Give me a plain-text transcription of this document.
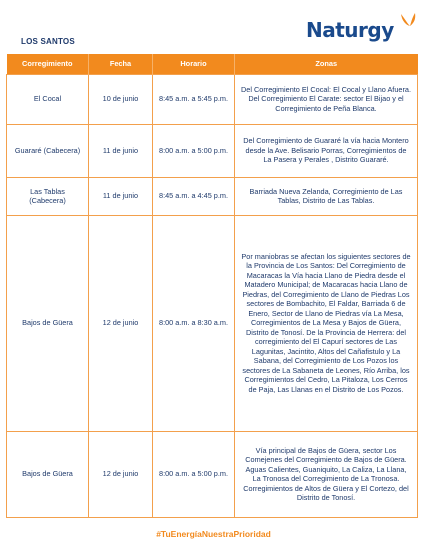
LOS SANTOS	Naturgy
Corregimiento	Fecha	Horario	Zonas
El Cocal	10 de junio	8:45 a.m. a 5:45 p.m.	Del Corregimiento El Cocal: El Cocal y Llano Afuera. Del Corregimiento El Carate: sector El Bijao y el Corregimiento de Peña Blanca.
Guararé (Cabecera)	11 de junio	8:00 a.m. a 5:00 p.m.	Del Corregimiento de Guararé la vía hacia Montero desde la Ave. Belisario Porras, Corregimientos de La Pasera y Perales , Distrito Guararé.
Las Tablas (Cabecera)	11 de junio	8:45 a.m. a 4:45 p.m.	Barriada Nueva Zelanda, Corregimiento de Las Tablas, Distrito de Las Tablas.
Bajos de Güera	12 de junio	8:00 a.m. a 8:30 a.m.	Por maniobras se afectan los siguientes sectores de la Provincia de Los Santos: Del Corregimiento de Macaracas la Vía hacia Llano de Piedra desde el Matadero Municipal; de Macaracas hacia Llano de Piedras, del Corregimiento de Llano de Piedras Los sectores de Bombachito, El Faldar, Barriada 6 de Enero, Sector de Llano de Piedras vía La Mesa, Corregimientos de La Mesa y Bajos de Güera, Distrito de Tonosí. De la Provincia de Herrera: del corregimiento del El Capurí sectores de Las Lagunitas, Jacintito, Altos del Cañafistulo y La Sabana, del Corregimiento de Los Pozos los sectores de La Sabaneta de Leones, Río Arriba, los Corregimientos del Cedro, La Pitaloza, Los Cerros de Paja, Las Llanas en el Distrito de Los Pozos.
Bajos de Güera	12 de junio	8:00 a.m. a 5:00 p.m.	Vía principal de Bajos de Güera, sector Los Comejenes del Corregimiento de Bajos de Güera. Aguas Calientes, Guaniquito, La Caliza, La Llana, La Tronosa del Corregimiento de La Tronosa. Corregimientos de Altos de Güera y El Cortezo, del Distrito de Tonosí.
#TuEnergíaNuestraPrioridad
